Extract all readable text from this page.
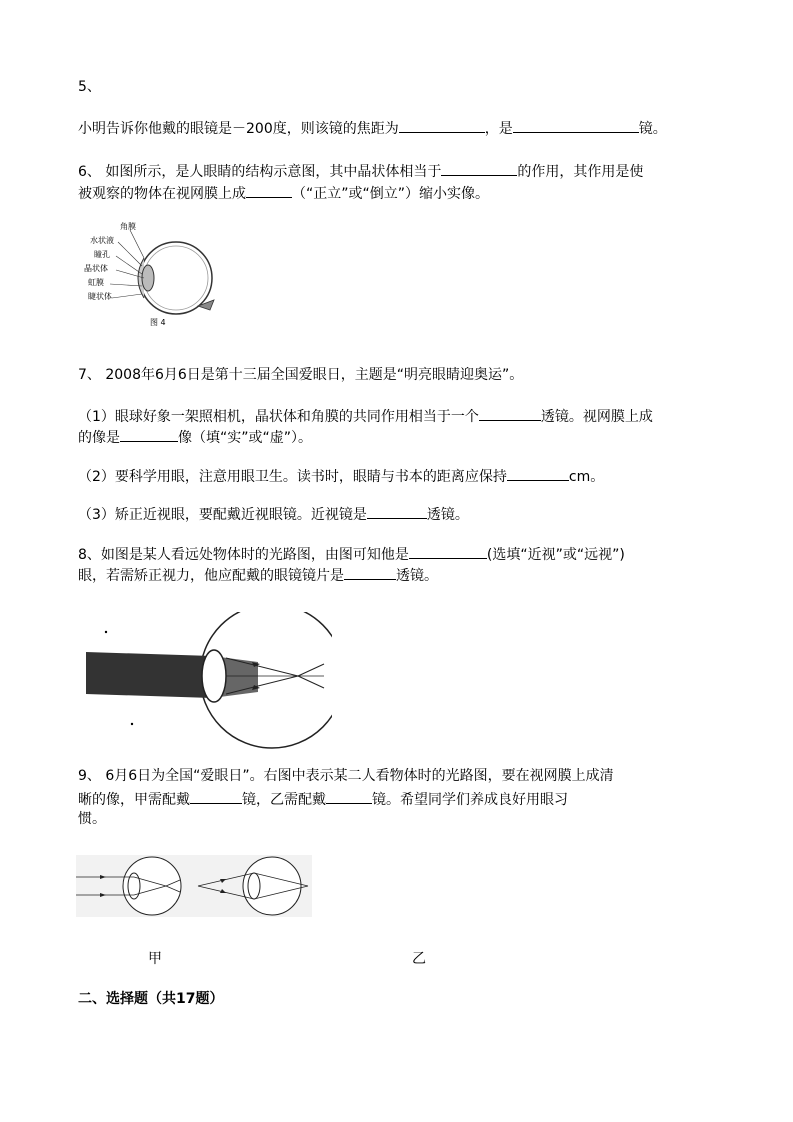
5、
小明告诉你他戴的眼镜是－200度，则该镜的焦距为	，是	镜。
6、 如图所示，是人眼睛的结构示意图，其中晶状体相当于	的作用，其作用是使
被观察的物体在视网膜上成	（“正立”或“倒立”）缩小实像。
角膜
水状液
瞳孔
晶状体
虹膜
睫状体
图 4
7、 2008年6月6日是第十三届全国爱眼日，主题是“明亮眼睛迎奥运”。
（1）眼球好象一架照相机，晶状体和角膜的共同作用相当于一个	透镜。视网膜上成
的像是	像（填“实”或“虚”）。
（2）要科学用眼，注意用眼卫生。读书时，眼睛与书本的距离应保持	cm。
（3）矫正近视眼，要配戴近视眼镜。近视镜是	透镜。
8、如图是某人看远处物体时的光路图，由图可知他是	(选填“近视”或“远视”)
眼，若需矫正视力，他应配戴的眼镜镜片是	透镜。
9、 6月6日为全国“爱眼日”。右图中表示某二人看物体时的光路图，要在视网膜上成清
晰的像，甲需配戴	镜，乙需配戴	镜。希望同学们养成良好用眼习
惯。
甲	乙
二、选择题（共17题）
